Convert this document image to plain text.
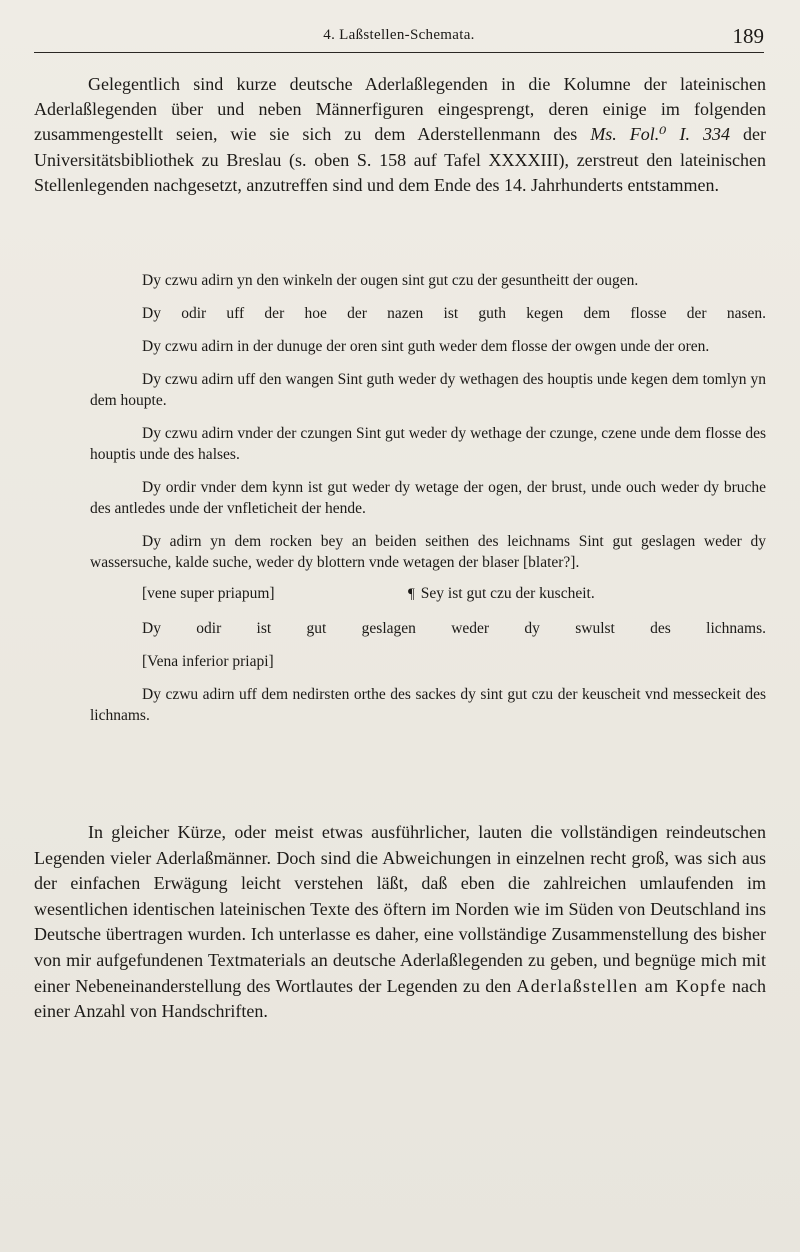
4. Laßstellen-Schemata.	189

Gelegentlich sind kurze deutsche Aderlaßlegenden in die Kolumne der lateinischen Aderlaßlegenden über und neben Männerfiguren eingesprengt, deren einige im folgenden zusammengestellt seien, wie sie sich zu dem Aderstellenmann des Ms. Fol.⁰ I. 334 der Universitätsbibliothek zu Breslau (s. oben S. 158 auf Tafel XXXXIII), zerstreut den lateinischen Stellenlegenden nachgesetzt, anzutreffen sind und dem Ende des 14. Jahrhunderts entstammen.

Dy czwu adirn yn den winkeln der ougen sint gut czu der gesuntheitt der ougen.

Dy odir uff der hoe der nazen ist guth kegen dem flosse der nasen.

Dy czwu adirn in der dunuge der oren sint guth weder dem flosse der owgen unde der oren.

Dy czwu adirn uff den wangen Sint guth weder dy wethagen des houptis unde kegen dem tomlyn yn dem houpte.

Dy czwu adirn vnder der czungen Sint gut weder dy wethage der czunge, czene unde dem flosse des houptis unde des halses.

Dy ordir vnder dem kynn ist gut weder dy wetage der ogen, der brust, unde ouch weder dy bruche des antledes unde der vnfleticheit der hende.

Dy adirn yn dem rocken bey an beiden seithen des leichnams Sint gut geslagen weder dy wassersuche, kalde suche, weder dy blottern vnde wetagen der blaser [blater?].

[vene super priapum]	¶ Sey ist gut czu der kuscheit.

Dy odir ist gut geslagen weder dy swulst des lichnams.

[Vena inferior priapi]

Dy czwu adirn uff dem nedirsten orthe des sackes dy sint gut czu der keuscheit vnd messeckeit des lichnams.

In gleicher Kürze, oder meist etwas ausführlicher, lauten die vollständigen reindeutschen Legenden vieler Aderlaßmänner. Doch sind die Abweichungen in einzelnen recht groß, was sich aus der einfachen Erwägung leicht verstehen läßt, daß eben die zahlreichen umlaufenden im wesentlichen identischen lateinischen Texte des öftern im Norden wie im Süden von Deutschland ins Deutsche übertragen wurden. Ich unterlasse es daher, eine vollständige Zusammenstellung des bisher von mir aufgefundenen Textmaterials an deutsche Aderlaßlegenden zu geben, und begnüge mich mit einer Nebeneinanderstellung des Wortlautes der Legenden zu den Aderlaßstellen am Kopfe nach einer Anzahl von Handschriften.
